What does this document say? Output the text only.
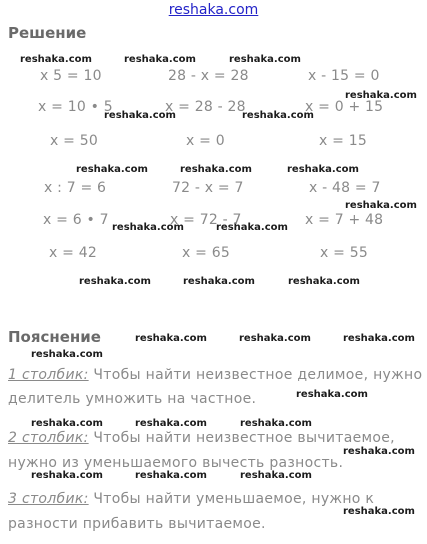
reshaka.com
Решение
reshaka.com	reshaka.com	reshaka.com
reshaka.com
reshaka.com	reshaka.com
reshaka.com	reshaka.com	reshaka.com
reshaka.com
reshaka.com	reshaka.com
reshaka.com	reshaka.com	reshaka.com
x 5 = 10	28 - x = 28	x - 15 = 0
x = 10 • 5	x = 28 - 28	x = 0 + 15
x = 50	x = 0	x = 15
x : 7 = 6	72 - x = 7	x - 48 = 7
x = 6 • 7	x = 72 - 7	x = 7 + 48
x = 42	x = 65	x = 55
Пояснение	reshaka.com	reshaka.com	reshaka.com
reshaka.com
reshaka.com
reshaka.com	reshaka.com	reshaka.com
reshaka.com
reshaka.com	reshaka.com	reshaka.com
reshaka.com
1 столбик: Чтобы найти неизвестное делимое, нужно
делитель умножить на частное.
2 столбик: Чтобы найти неизвестное вычитаемое,
нужно из уменьшаемого вычесть разность.
3 столбик: Чтобы найти уменьшаемое, нужно к
разности прибавить вычитаемое.
